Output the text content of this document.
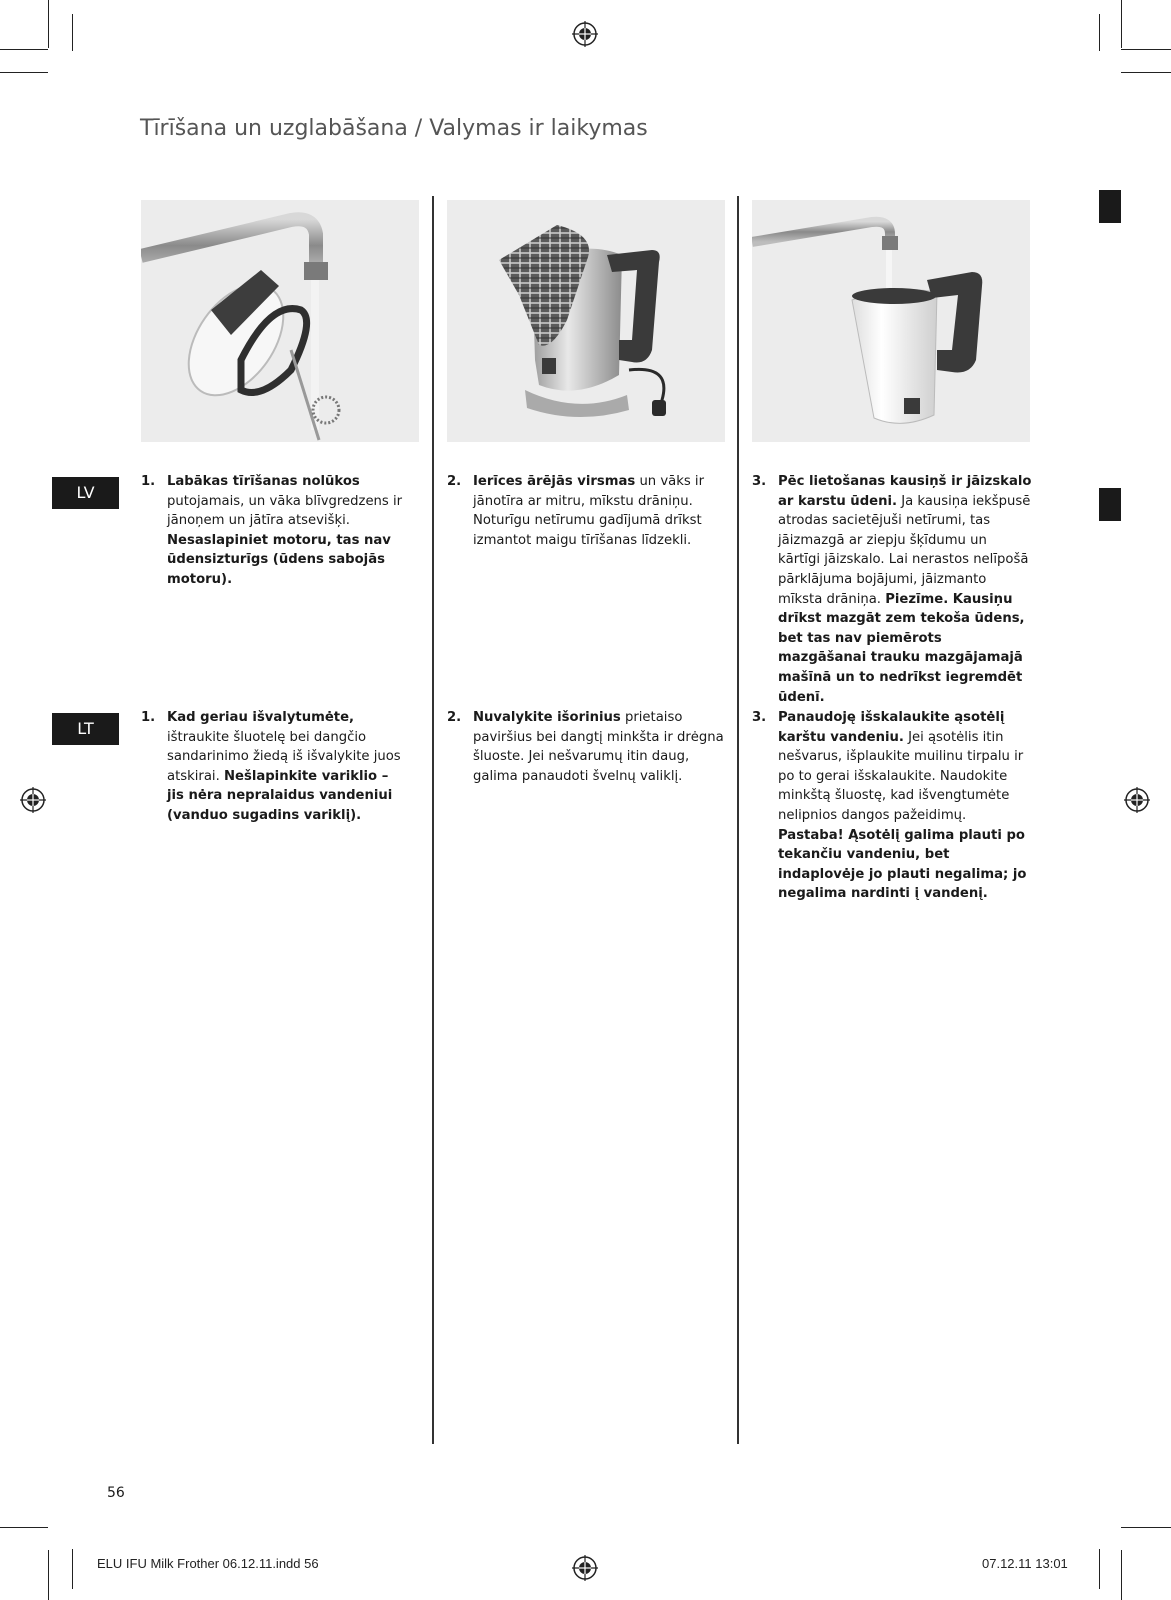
Tīrīšana un uzglabāšana / Valymas ir laikymas
LV
LT
1. Labākas tīrīšanas nolūkos putojamais, un vāka blīvgredzens ir jānoņem un jātīra atsevišķi. Nesaslapiniet motoru, tas nav ūdensizturīgs (ūdens sabojās motoru).
2. Ierīces ārējās virsmas un vāks ir jānotīra ar mitru, mīkstu drāniņu. Noturīgu netīrumu gadījumā drīkst izmantot maigu tīrīšanas līdzekli.
3. Pēc lietošanas kausiņš ir jāizskalo ar karstu ūdeni. Ja kausiņa iekšpusē atrodas sacietējuši netīrumi, tas jāizmazgā ar ziepju šķīdumu un kārtīgi jāizskalo. Lai nerastos nelīpošā pārklājuma bojājumi, jāizmanto mīksta drāniņa. Piezīme. Kausiņu drīkst mazgāt zem tekoša ūdens, bet tas nav piemērots mazgāšanai trauku mazgājamajā mašīnā un to nedrīkst iegremdēt ūdenī.
1. Kad geriau išvalytumėte, ištraukite šluotelę bei dangčio sandarinimo žiedą iš išvalykite juos atskirai. Nešlapinkite variklio – jis nėra nepralaidus vandeniui (vanduo sugadins variklį).
2. Nuvalykite išorinius prietaiso paviršius bei dangtį minkšta ir drėgna šluoste. Jei nešvarumų itin daug, galima panaudoti švelnų valiklį.
3. Panaudoję išskalaukite ąsotėlį karštu vandeniu. Jei ąsotėlis itin nešvarus, išplaukite muilinu tirpalu ir po to gerai išskalaukite. Naudokite minkštą šluostę, kad išvengtumėte nelipnios dangos pažeidimų. Pastaba! Ąsotėlį galima plauti po tekančiu vandeniu, bet indaplovėje jo plauti negalima; jo negalima nardinti į vandenį.
56
ELU IFU Milk Frother 06.12.11.indd 56	07.12.11 13:01
